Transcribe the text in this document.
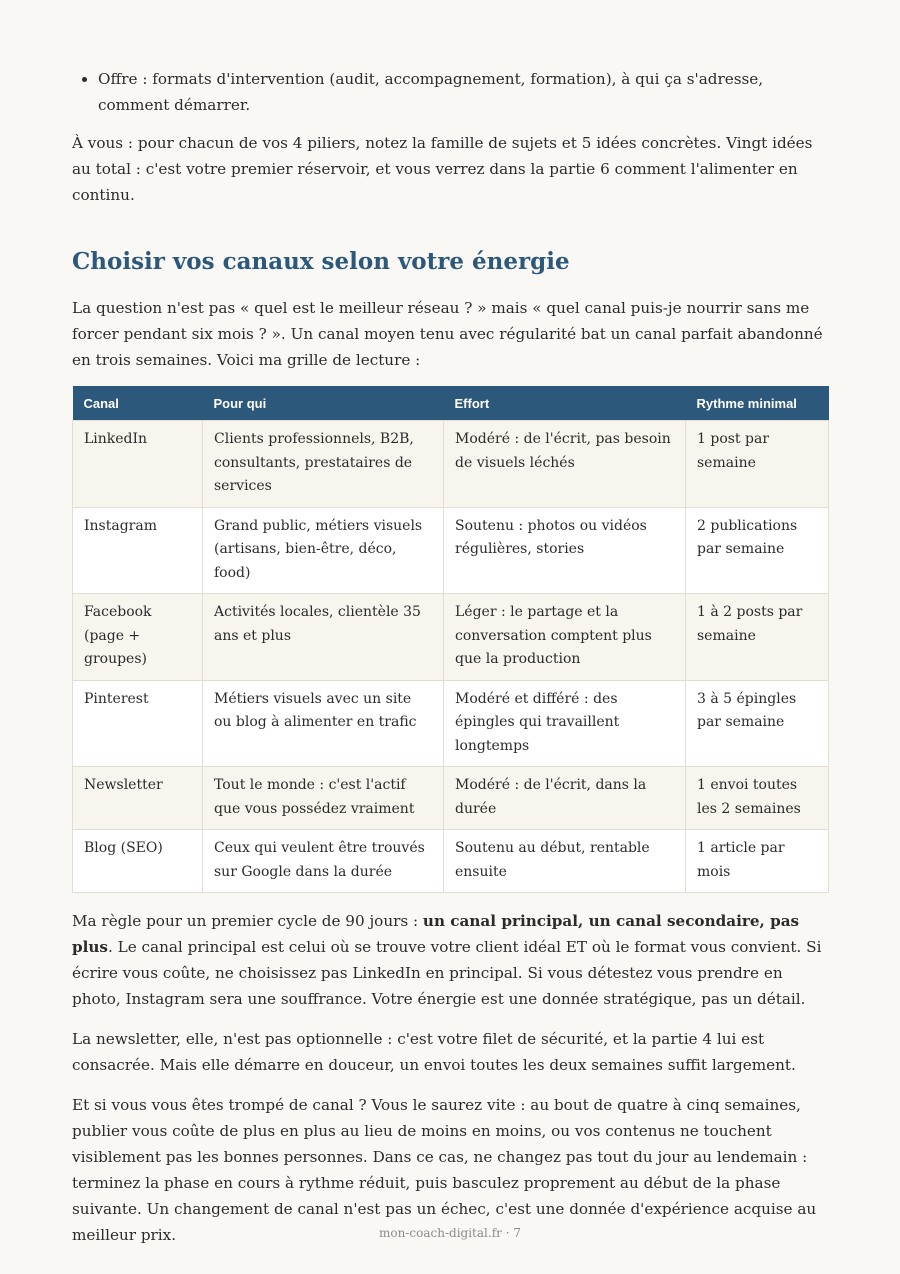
• Offre : formats d'intervention (audit, accompagnement, formation), à qui ça s'adresse, comment démarrer.

À vous : pour chacun de vos 4 piliers, notez la famille de sujets et 5 idées concrètes. Vingt idées au total : c'est votre premier réservoir, et vous verrez dans la partie 6 comment l'alimenter en continu.

Choisir vos canaux selon votre énergie

La question n'est pas « quel est le meilleur réseau ? » mais « quel canal puis-je nourrir sans me forcer pendant six mois ? ». Un canal moyen tenu avec régularité bat un canal parfait abandonné en trois semaines. Voici ma grille de lecture :

Canal	Pour qui	Effort	Rythme minimal
LinkedIn	Clients professionnels, B2B, consultants, prestataires de services	Modéré : de l'écrit, pas besoin de visuels léchés	1 post par semaine
Instagram	Grand public, métiers visuels (artisans, bien-être, déco, food)	Soutenu : photos ou vidéos régulières, stories	2 publications par semaine
Facebook (page + groupes)	Activités locales, clientèle 35 ans et plus	Léger : le partage et la conversation comptent plus que la production	1 à 2 posts par semaine
Pinterest	Métiers visuels avec un site ou blog à alimenter en trafic	Modéré et différé : des épingles qui travaillent longtemps	3 à 5 épingles par semaine
Newsletter	Tout le monde : c'est l'actif que vous possédez vraiment	Modéré : de l'écrit, dans la durée	1 envoi toutes les 2 semaines
Blog (SEO)	Ceux qui veulent être trouvés sur Google dans la durée	Soutenu au début, rentable ensuite	1 article par mois

Ma règle pour un premier cycle de 90 jours : un canal principal, un canal secondaire, pas plus. Le canal principal est celui où se trouve votre client idéal ET où le format vous convient. Si écrire vous coûte, ne choisissez pas LinkedIn en principal. Si vous détestez vous prendre en photo, Instagram sera une souffrance. Votre énergie est une donnée stratégique, pas un détail.

La newsletter, elle, n'est pas optionnelle : c'est votre filet de sécurité, et la partie 4 lui est consacrée. Mais elle démarre en douceur, un envoi toutes les deux semaines suffit largement.

Et si vous vous êtes trompé de canal ? Vous le saurez vite : au bout de quatre à cinq semaines, publier vous coûte de plus en plus au lieu de moins en moins, ou vos contenus ne touchent visiblement pas les bonnes personnes. Dans ce cas, ne changez pas tout du jour au lendemain : terminez la phase en cours à rythme réduit, puis basculez proprement au début de la phase suivante. Un changement de canal n'est pas un échec, c'est une donnée d'expérience acquise au meilleur prix.	mon-coach-digital.fr · 7
